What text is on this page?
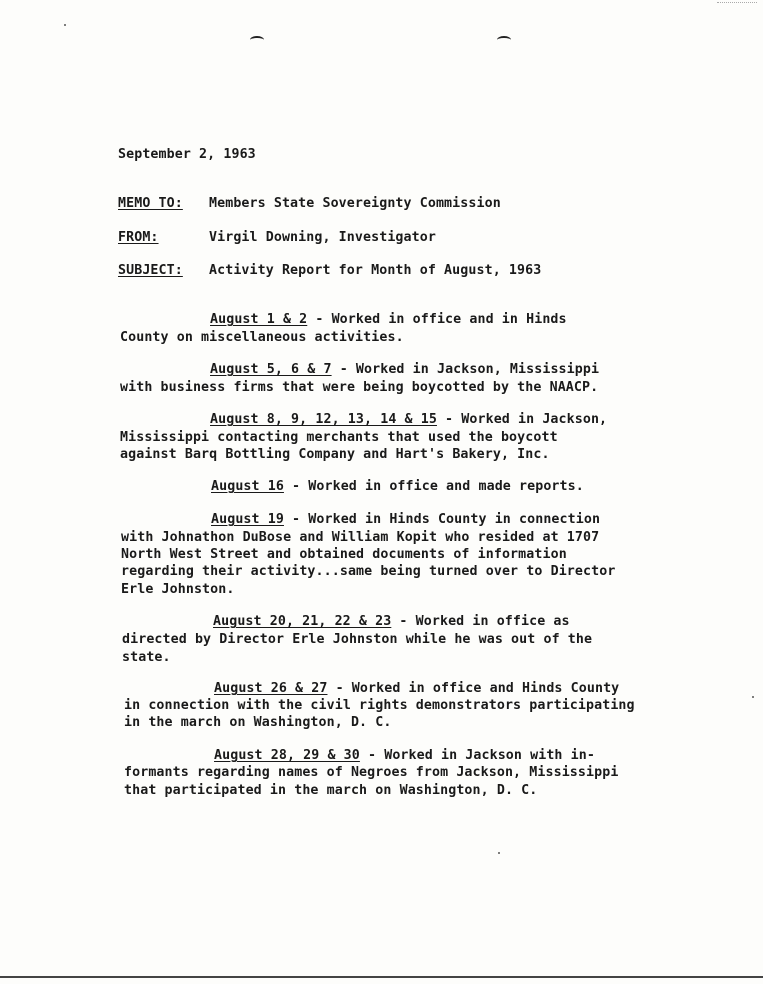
September 2, 1963
MEMO TO: Members State Sovereignty Commission
FROM:	Virgil Downing, Investigator
SUBJECT: Activity Report for Month of August, 1963
August 1 & 2 - Worked in office and in Hinds
County on miscellaneous activities.
August 5, 6 & 7 - Worked in Jackson, Mississippi
with business firms that were being boycotted by the NAACP.
August 8, 9, 12, 13, 14 & 15 - Worked in Jackson,
Mississippi contacting merchants that used the boycott
against Barq Bottling Company and Hart's Bakery, Inc.
August 16 - Worked in office and made reports.
August 19 - Worked in Hinds County in connection
with Johnathon DuBose and William Kopit who resided at 1707
North West Street and obtained documents of information
regarding their activity...same being turned over to Director
Erle Johnston.
August 20, 21, 22 & 23 - Worked in office as
directed by Director Erle Johnston while he was out of the
state.
August 26 & 27 - Worked in office and Hinds County
in connection with the civil rights demonstrators participating
in the march on Washington, D. C.
August 28, 29 & 30 - Worked in Jackson with in-
formants regarding names of Negroes from Jackson, Mississippi
that participated in the march on Washington, D. C.
